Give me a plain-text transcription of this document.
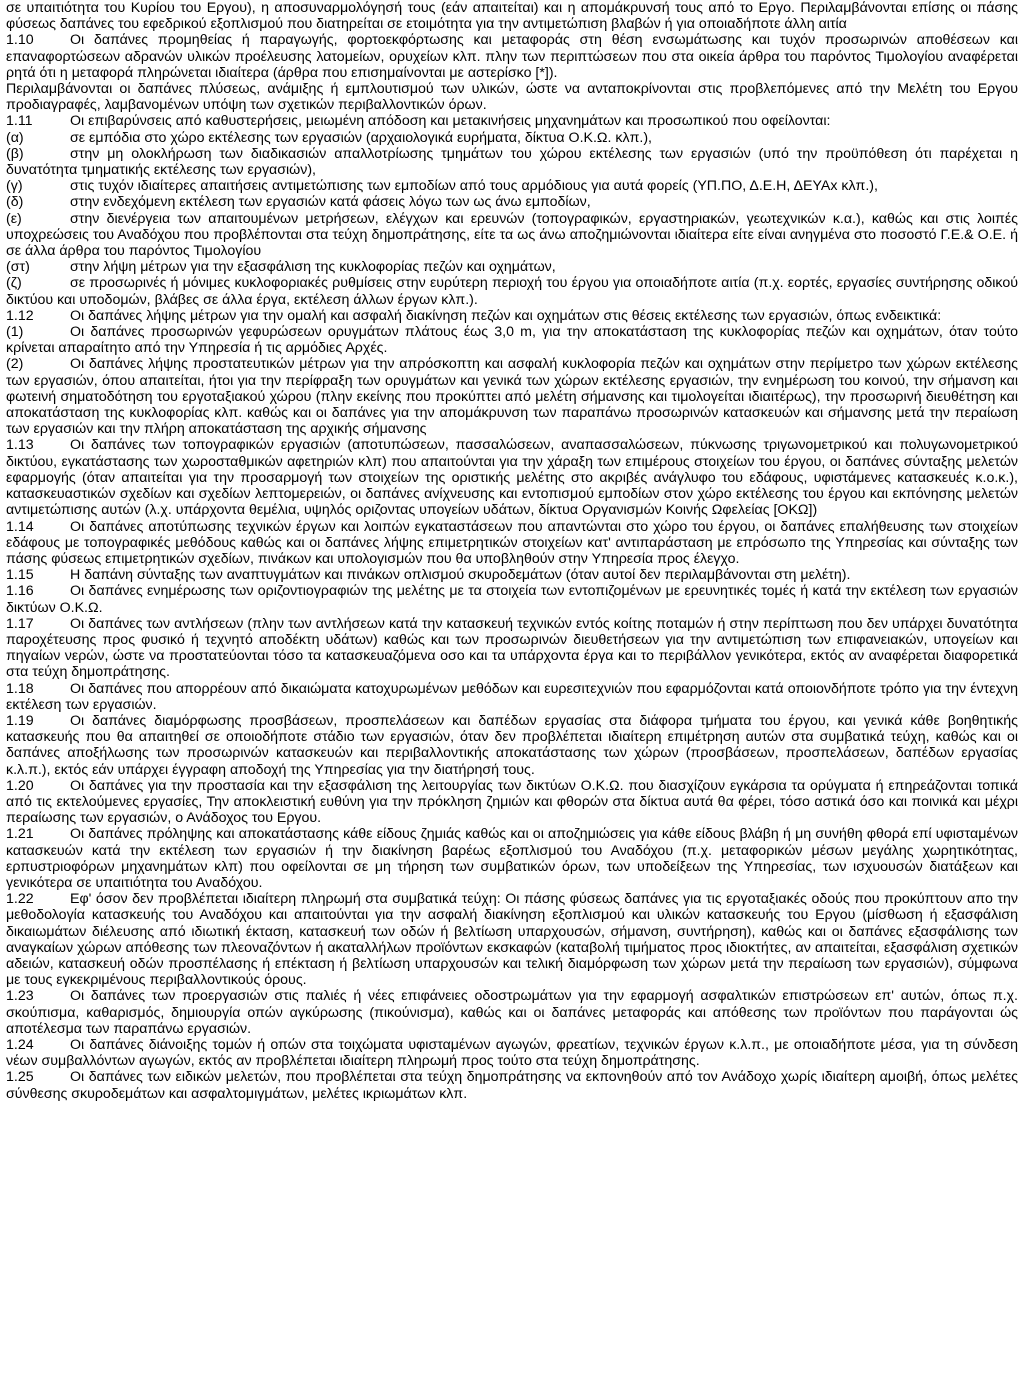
σε υπαιτιότητα του Κυρίου του Εργου), η αποσυναρμολόγησή τους (εάν απαιτείται) και η απομάκρυνσή τους από το Εργο. Περιλαμβάνονται επίσης οι πάσης φύσεως δαπάνες του εφεδρικού εξοπλισμού που διατηρείται σε ετοιμότητα για την αντιμετώπιση βλαβών ή για οποιαδήποτε άλλη αιτία
1.10	Οι δαπάνες προμηθείας ή παραγωγής, φορτοεκφόρτωσης και μεταφοράς στη θέση ενσωμάτωσης και τυχόν προσωρινών αποθέσεων και επαναφορτώσεων αδρανών υλικών προέλευσης λατομείων, ορυχείων κλπ. πλην των περιπτώσεων που στα οικεία άρθρα του παρόντος Τιμολογίου αναφέρεται ρητά ότι η μεταφορά πληρώνεται ιδιαίτερα (άρθρα που επισημαίνονται με αστερίσκο [*]).
Περιλαμβάνονται οι δαπάνες πλύσεως, ανάμιξης ή εμπλουτισμού των υλικών, ώστε να ανταποκρίνονται στις προβλεπόμενες από την Μελέτη του Εργου προδιαγραφές, λαμβανομένων υπόψη των σχετικών περιβαλλοντικών όρων.
1.11	Οι επιβαρύνσεις από καθυστερήσεις, μειωμένη απόδοση και μετακινήσεις μηχανημάτων και προσωπικού που οφείλονται:
(α)	σε εμπόδια στο χώρο εκτέλεσης των εργασιών (αρχαιολογικά ευρήματα, δίκτυα Ο.Κ.Ω. κλπ.),
(β)	στην μη ολοκλήρωση των διαδικασιών απαλλοτρίωσης τμημάτων του χώρου εκτέλεσης των εργασιών (υπό την προϋπόθεση ότι παρέχεται η δυνατότητα τμηματικής εκτέλεσης των εργασιών),
(γ)	στις τυχόν ιδιαίτερες απαιτήσεις αντιμετώπισης των εμποδίων από τους αρμόδιους για αυτά φορείς (ΥΠ.ΠΟ, Δ.Ε.Η, ΔΕΥΑx κλπ.),
(δ)	στην ενδεχόμενη εκτέλεση των εργασιών κατά φάσεις λόγω των ως άνω εμποδίων,
(ε)	στην διενέργεια των απαιτουμένων μετρήσεων, ελέγχων και ερευνών (τοπογραφικών, εργαστηριακών, γεωτεχνικών κ.α.), καθώς και στις λοιπές υποχρεώσεις του Αναδόχου που προβλέπονται στα τεύχη δημοπράτησης, είτε τα ως άνω αποζημιώνονται ιδιαίτερα είτε είναι ανηγμένα στο ποσοστό Γ.Ε.& Ο.Ε. ή σε άλλα άρθρα του παρόντος Τιμολογίου
(στ)	στην λήψη μέτρων για την εξασφάλιση της κυκλοφορίας πεζών και οχημάτων,
(ζ)	σε προσωρινές ή μόνιμες κυκλοφοριακές ρυθμίσεις στην ευρύτερη περιοχή του έργου για οποιαδήποτε αιτία (π.χ. εορτές, εργασίες συντήρησης οδικού δικτύου και υποδομών, βλάβες σε άλλα έργα, εκτέλεση άλλων έργων κλπ.).
1.12	Οι δαπάνες λήψης μέτρων για την ομαλή και ασφαλή διακίνηση πεζών και οχημάτων στις θέσεις εκτέλεσης των εργασιών, όπως ενδεικτικά:
(1)	Οι δαπάνες προσωρινών γεφυρώσεων ορυγμάτων πλάτους έως 3,0 m, για την αποκατάσταση της κυκλοφορίας πεζών και οχημάτων, όταν τούτο κρίνεται απαραίτητο από την Υπηρεσία ή τις αρμόδιες Αρχές.
(2)	Οι δαπάνες λήψης προστατευτικών μέτρων για την απρόσκοπτη και ασφαλή κυκλοφορία πεζών και οχημάτων στην περίμετρο των χώρων εκτέλεσης των εργασιών, όπου απαιτείται, ήτοι για την περίφραξη των ορυγμάτων και γενικά των χώρων εκτέλεσης εργασιών, την ενημέρωση του κοινού, την σήμανση και φωτεινή σηματοδότηση του εργοταξιακού χώρου (πλην εκείνης που προκύπτει από μελέτη σήμανσης και τιμολογείται ιδιαιτέρως), την προσωρινή διευθέτηση και αποκατάσταση της κυκλοφορίας κλπ. καθώς και οι δαπάνες για την απομάκρυνση των παραπάνω προσωρινών κατασκευών και σήμανσης μετά την περαίωση των εργασιών και την πλήρη αποκατάσταση της αρχικής σήμανσης
1.13	Οι δαπάνες των τοπογραφικών εργασιών (αποτυπώσεων, πασσαλώσεων, αναπασσαλώσεων, πύκνωσης τριγωνομετρικού και πολυγωνομετρικού δικτύου, εγκατάστασης των χωροσταθμικών αφετηριών κλπ) που απαιτούνται για την χάραξη των επιμέρους στοιχείων του έργου, οι δαπάνες σύνταξης μελετών εφαρμογής (όταν απαιτείται για την προσαρμογή των στοιχείων της οριστικής μελέτης στο ακριβές ανάγλυφο του εδάφους, υφιστάμενες κατασκευές κ.ο.κ.), κατασκευαστικών σχεδίων και σχεδίων λεπτομερειών, οι δαπάνες ανίχνευσης και εντοπισμού εμποδίων στον χώρο εκτέλεσης του έργου και εκπόνησης μελετών αντιμετώπισης αυτών (λ.χ. υπάρχοντα θεμέλια, υψηλός οριζοντας υπογείων υδάτων, δίκτυα Οργανισμών Κοινής Ωφελείας [ΟΚΩ])
1.14	Οι δαπάνες αποτύπωσης τεχνικών έργων και λοιπών εγκαταστάσεων που απαντώνται στο χώρο του έργου, οι δαπάνες επαλήθευσης των στοιχείων εδάφους με τοπογραφικές μεθόδους καθώς και οι δαπάνες λήψης επιμετρητικών στοιχείων κατ' αντιπαράσταση με επρόσωπο της Υπηρεσίας και σύνταξης των πάσης φύσεως επιμετρητικών σχεδίων, πινάκων και υπολογισμών που θα υποβληθούν στην Υπηρεσία προς έλεγχο.
1.15	Η δαπάνη σύνταξης των αναπτυγμάτων και πινάκων οπλισμού σκυροδεμάτων (όταν αυτοί δεν περιλαμβάνονται στη μελέτη).
1.16	Οι δαπάνες ενημέρωσης των οριζοντιογραφιών της μελέτης με τα στοιχεία των εντοπιζομένων με ερευνητικές τομές ή κατά την εκτέλεση των εργασιών δικτύων Ο.Κ.Ω.
1.17	Οι δαπάνες των αντλήσεων (πλην των αντλήσεων κατά την κατασκευή τεχνικών εντός κοίτης ποταμών ή στην περίπτωση που δεν υπάρχει δυνατότητα παροχέτευσης προς φυσικό ή τεχνητό αποδέκτη υδάτων) καθώς και των προσωρινών διευθετήσεων για την αντιμετώπιση των επιφανειακών, υπογείων και πηγαίων νερών, ώστε να προστατεύονται τόσο τα κατασκευαζόμενα οσο και τα υπάρχοντα έργα και το περιβάλλον γενικότερα, εκτός αν αναφέρεται διαφορετικά στα τεύχη δημοπράτησης.
1.18	Οι δαπάνες που απορρέουν από δικαιώματα κατοχυρωμένων μεθόδων και ευρεσιτεχνιών που εφαρμόζονται κατά οποιονδήποτε τρόπο για την έντεχνη εκτέλεση των εργασιών.
1.19	Οι δαπάνες διαμόρφωσης προσβάσεων, προσπελάσεων και δαπέδων εργασίας στα διάφορα τμήματα του έργου, και γενικά κάθε βοηθητικής κατασκευής που θα απαιτηθεί σε οποιοδήποτε στάδιο των εργασιών, όταν δεν προβλέπεται ιδιαίτερη επιμέτρηση αυτών στα συμβατικά τεύχη, καθώς και οι δαπάνες αποξήλωσης των προσωρινών κατασκευών και περιβαλλοντικής αποκατάστασης των χώρων (προσβάσεων, προσπελάσεων, δαπέδων εργασίας κ.λ.π.), εκτός εάν υπάρχει έγγραφη αποδοχή της Υπηρεσίας για την διατήρησή τους.
1.20	Οι δαπάνες για την προστασία και την εξασφάλιση της λειτουργίας των δικτύων Ο.Κ.Ω. που διασχίζουν εγκάρσια τα ορύγματα ή επηρεάζονται τοπικά από τις εκτελούμενες εργασίες, Την αποκλειστική ευθύνη για την πρόκληση ζημιών και φθορών στα δίκτυα αυτά θα φέρει, τόσο αστικά όσο και ποινικά και μέχρι περαίωσης των εργασιών, ο Ανάδοχος του Εργου.
1.21	Οι δαπάνες πρόληψης και αποκατάστασης κάθε είδους ζημιάς καθώς και οι αποζημιώσεις για κάθε είδους βλάβη ή μη συνήθη φθορά επί υφισταμένων κατασκευών κατά την εκτέλεση των εργασιών ή την διακίνηση βαρέως εξοπλισμού του Αναδόχου (π.χ. μεταφορικών μέσων μεγάλης χωρητικότητας, ερπυστριοφόρων μηχανημάτων κλπ) που οφείλονται σε μη τήρηση των συμβατικών όρων, των υποδείξεων της Υπηρεσίας, των ισχυουσών διατάξεων και γενικότερα σε υπαιτιότητα του Αναδόχου.
1.22	Εφ' όσον δεν προβλέπεται ιδιαίτερη πληρωμή στα συμβατικά τεύχη: Οι πάσης φύσεως δαπάνες για τις εργοταξιακές οδούς που προκύπτουν απο την μεθοδολογία κατασκευής του Αναδόχου και απαιτούνται για την ασφαλή διακίνηση εξοπλισμού και υλικών κατασκευής του Εργου (μίσθωση ή εξασφάλιση δικαιωμάτων διέλευσης από ιδιωτική έκταση, κατασκευή των οδών ή βελτίωση υπαρχουσών, σήμανση, συντήρηση), καθώς και οι δαπάνες εξασφάλισης των αναγκαίων χώρων απόθεσης των πλεοναζόντων ή ακαταλλήλων προϊόντων εκσκαφών (καταβολή τιμήματος προς ιδιοκτήτες, αν απαιτείται, εξασφάλιση σχετικών αδειών, κατασκευή οδών προσπέλασης ή επέκταση ή βελτίωση υπαρχουσών και τελική διαμόρφωση των χώρων μετά την περαίωση των εργασιών), σύμφωνα με τους εγκεκριμένους περιβαλλοντικούς όρους.
1.23	Οι δαπάνες των προεργασιών στις παλιές ή νέες επιφάνειες οδοστρωμάτων για την εφαρμογή ασφαλτικών επιστρώσεων επ' αυτών, όπως π.χ. σκούπισμα, καθαρισμός, δημιουργία οπών αγκύρωσης (πικούνισμα), καθώς και οι δαπάνες μεταφοράς και απόθεσης των προϊόντων που παράγονται ώς αποτέλεσμα των παραπάνω εργασιών.
1.24	Οι δαπάνες διάνοιξης τομών ή οπών στα τοιχώματα υφισταμένων αγωγών, φρεατίων, τεχνικών έργων κ.λ.π., με οποιαδήποτε μέσα, για τη σύνδεση νέων συμβαλλόντων αγωγών, εκτός αν προβλέπεται ιδιαίτερη πληρωμή προς τούτο στα τεύχη δημοπράτησης.
1.25	Οι δαπάνες των ειδικών μελετών, που προβλέπεται στα τεύχη δημοπράτησης να εκπονηθούν από τον Ανάδοχο χωρίς ιδιαίτερη αμοιβή, όπως μελέτες σύνθεσης σκυροδεμάτων και ασφαλτομιγμάτων, μελέτες ικριωμάτων κλπ.
